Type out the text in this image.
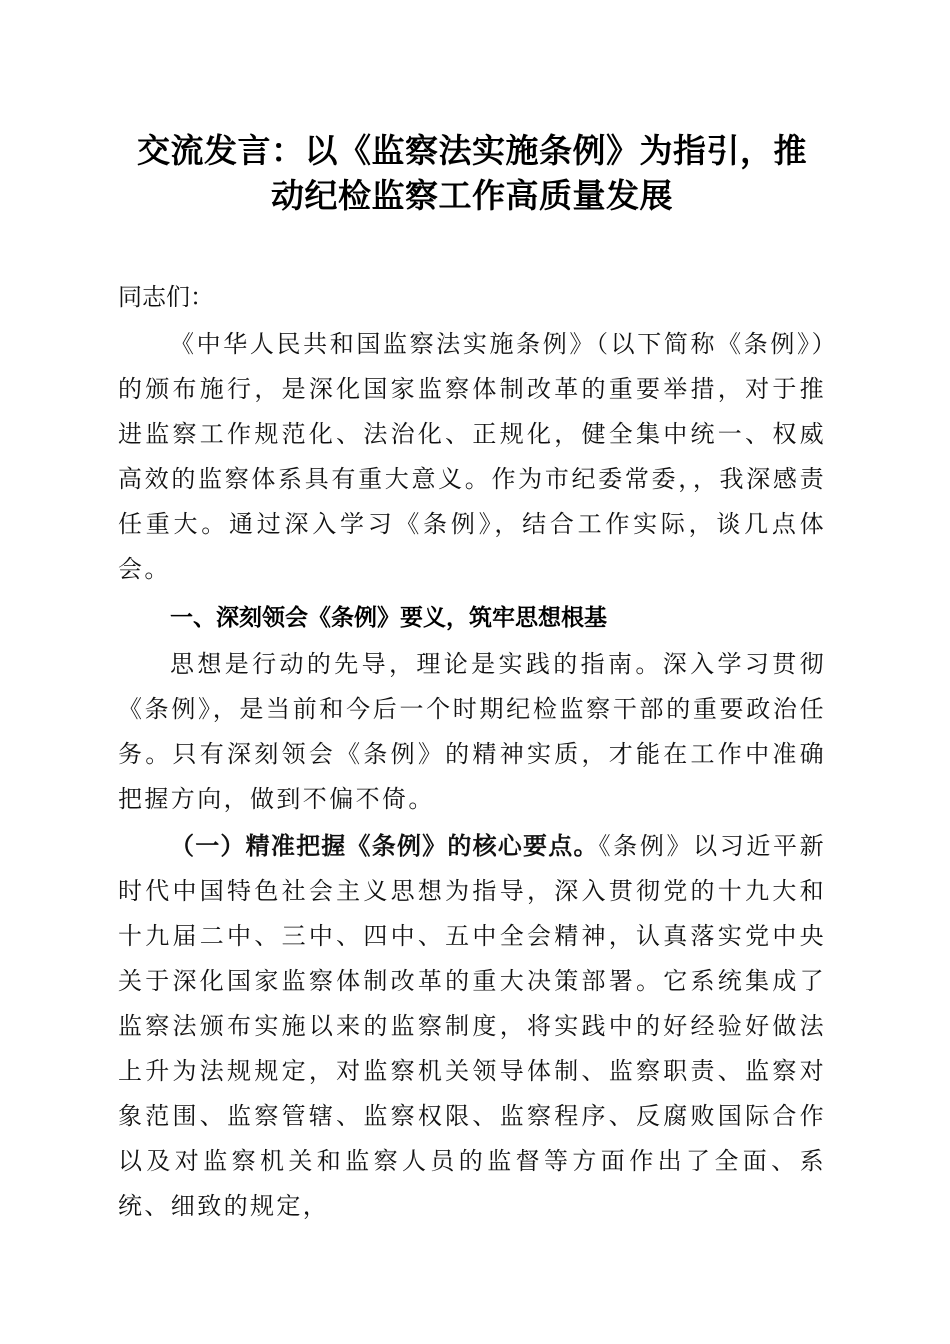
交流发言：以《监察法实施条例》为指引，推
动纪检监察工作高质量发展

同志们：

《中华人民共和国监察法实施条例》（以下简称《条例》）的颁布施行，是深化国家监察体制改革的重要举措，对于推进监察工作规范化、法治化、正规化，健全集中统一、权威高效的监察体系具有重大意义。作为市纪委常委，，我深感责任重大。通过深入学习《条例》，结合工作实际，谈几点体会。

一、深刻领会《条例》要义，筑牢思想根基

思想是行动的先导，理论是实践的指南。深入学习贯彻《条例》，是当前和今后一个时期纪检监察干部的重要政治任务。只有深刻领会《条例》的精神实质，才能在工作中准确把握方向，做到不偏不倚。

（一）精准把握《条例》的核心要点。《条例》以习近平新时代中国特色社会主义思想为指导，深入贯彻党的十九大和十九届二中、三中、四中、五中全会精神，认真落实党中央关于深化国家监察体制改革的重大决策部署。它系统集成了监察法颁布实施以来的监察制度，将实践中的好经验好做法上升为法规规定，对监察机关领导体制、监察职责、监察对象范围、监察管辖、监察权限、监察程序、反腐败国际合作以及对监察机关和监察人员的监督等方面作出了全面、系统、细致的规定，
